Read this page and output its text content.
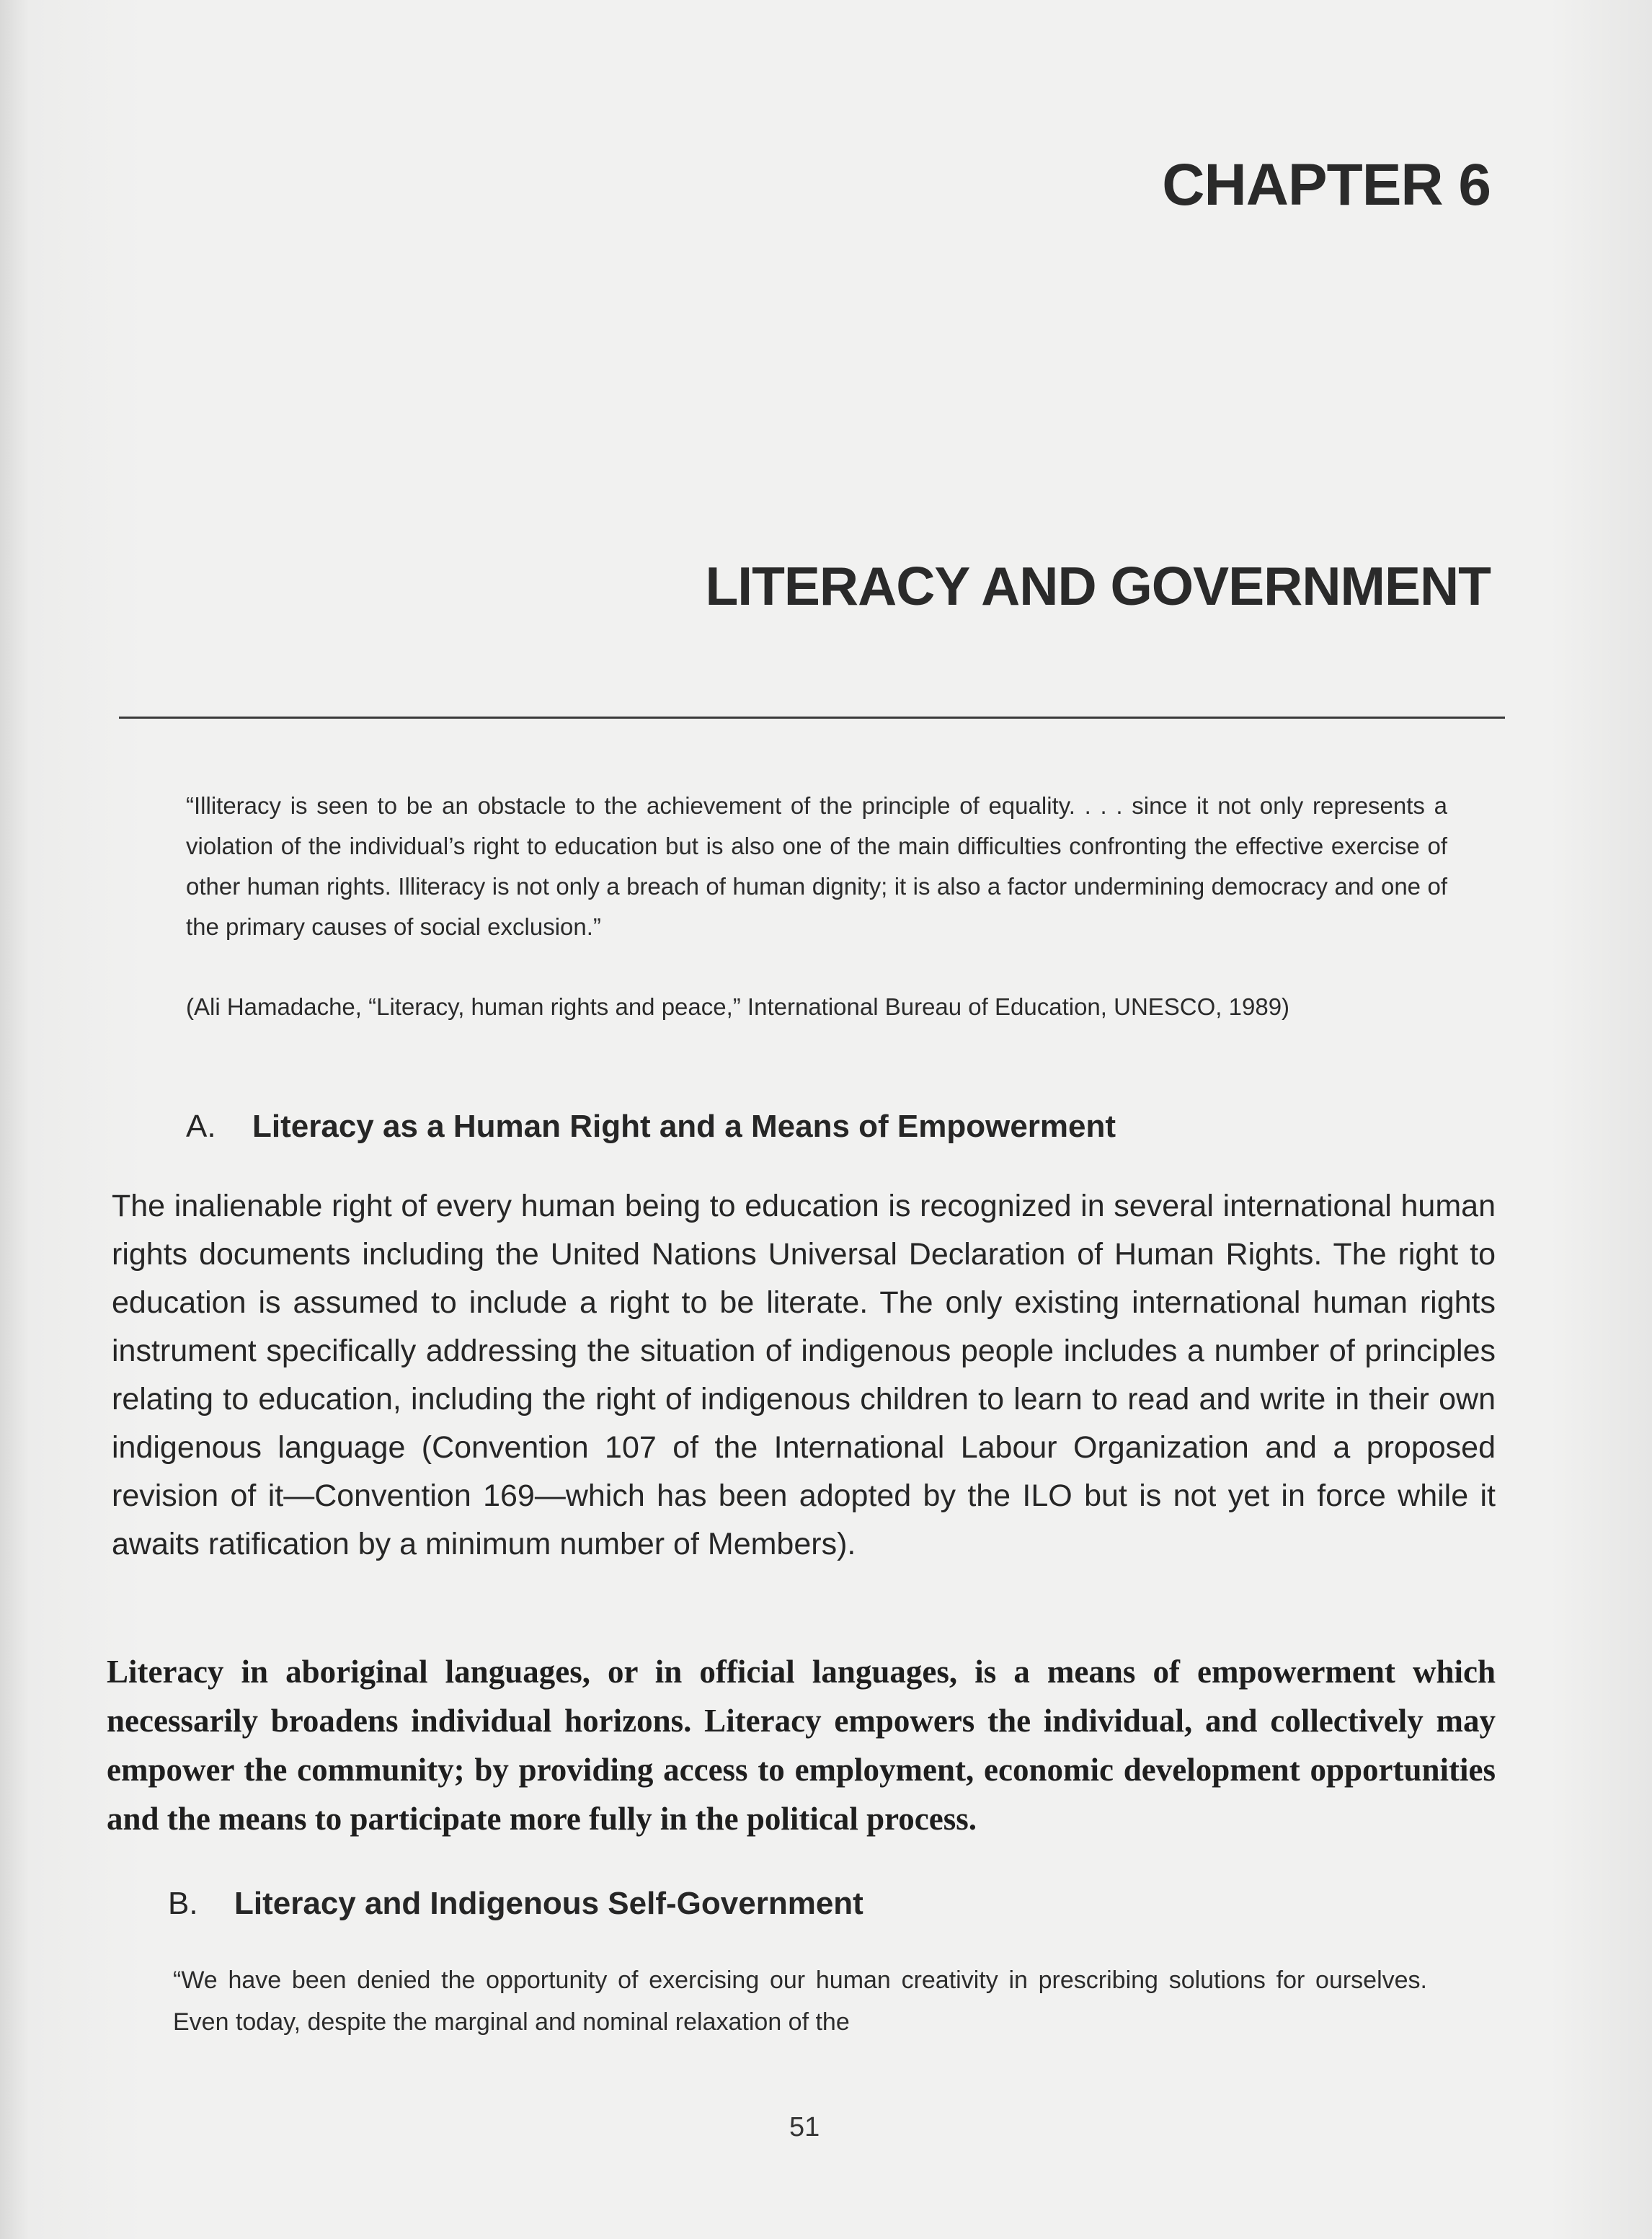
CHAPTER 6
LITERACY AND GOVERNMENT

“Illiteracy is seen to be an obstacle to the achievement of the principle of equality. . . . since it not only represents a violation of the individual’s right to education but is also one of the main difficulties confronting the effective exercise of other human rights. Illiteracy is not only a breach of human dignity; it is also a factor undermining democracy and one of the primary causes of social exclusion.”

(Ali Hamadache, “Literacy, human rights and peace,” International Bureau of Education, UNESCO, 1989)

A. Literacy as a Human Right and a Means of Empowerment

The inalienable right of every human being to education is recognized in several international human rights documents including the United Nations Universal Declaration of Human Rights. The right to education is assumed to include a right to be literate. The only existing international human rights instrument specifically addressing the situation of indigenous people includes a number of principles relating to education, including the right of indigenous children to learn to read and write in their own indigenous language (Convention 107 of the International Labour Organization and a proposed revision of it—Convention 169—which has been adopted by the ILO but is not yet in force while it awaits ratification by a minimum number of Members).

Literacy in aboriginal languages, or in official languages, is a means of empowerment which necessarily broadens individual horizons. Literacy empowers the individual, and collectively may empower the community; by providing access to employment, economic development opportunities and the means to participate more fully in the political process.

B. Literacy and Indigenous Self-Government

“We have been denied the opportunity of exercising our human creativity in prescribing solutions for ourselves. Even today, despite the marginal and nominal relaxation of the

51
